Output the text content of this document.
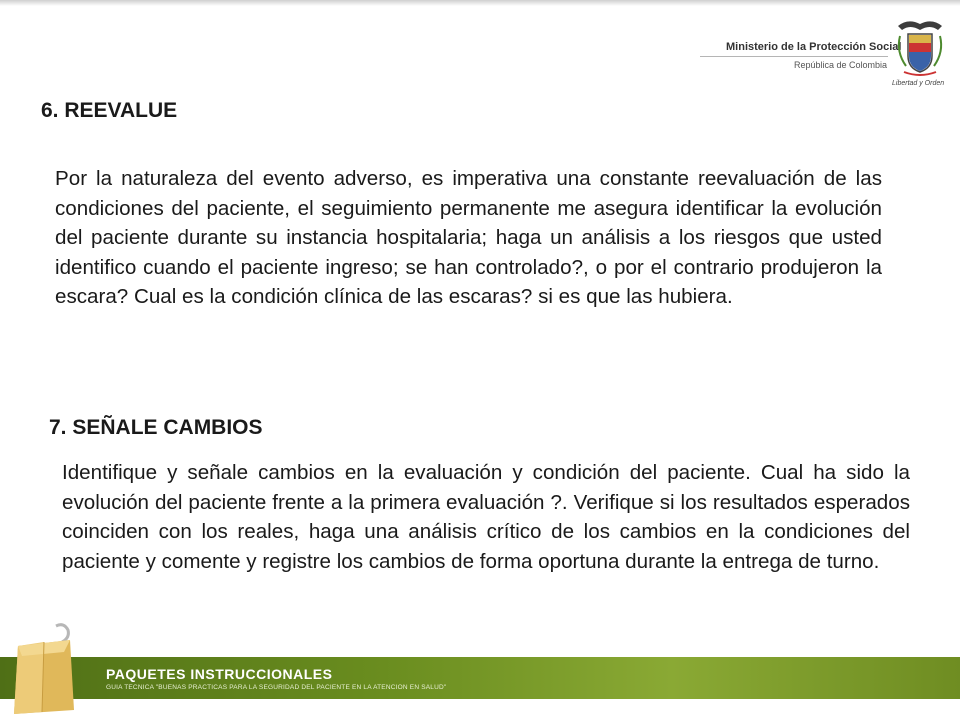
Ministerio de la Protección Social
República de Colombia
Libertad y Orden
6. REEVALUE

Por la naturaleza del evento adverso, es imperativa una constante reevaluación de las condiciones del paciente, el seguimiento permanente me asegura identificar la evolución del paciente durante su instancia hospitalaria; haga un análisis a los riesgos que usted identifico cuando el paciente ingreso; se han controlado?, o por el contrario produjeron la escara? Cual es la condición clínica de las escaras? si es que las hubiera.

7. SEÑALE CAMBIOS

Identifique y señale cambios en la evaluación y condición del paciente. Cual ha sido la evolución del paciente frente a la primera evaluación ?. Verifique si los resultados esperados coinciden con los reales, haga una análisis crítico de los cambios en la condiciones del paciente y comente y registre los cambios de forma oportuna durante la entrega de turno.

PAQUETES INSTRUCCIONALES
GUIA TECNICA "BUENAS PRACTICAS PARA LA SEGURIDAD DEL PACIENTE EN LA ATENCION EN SALUD"
